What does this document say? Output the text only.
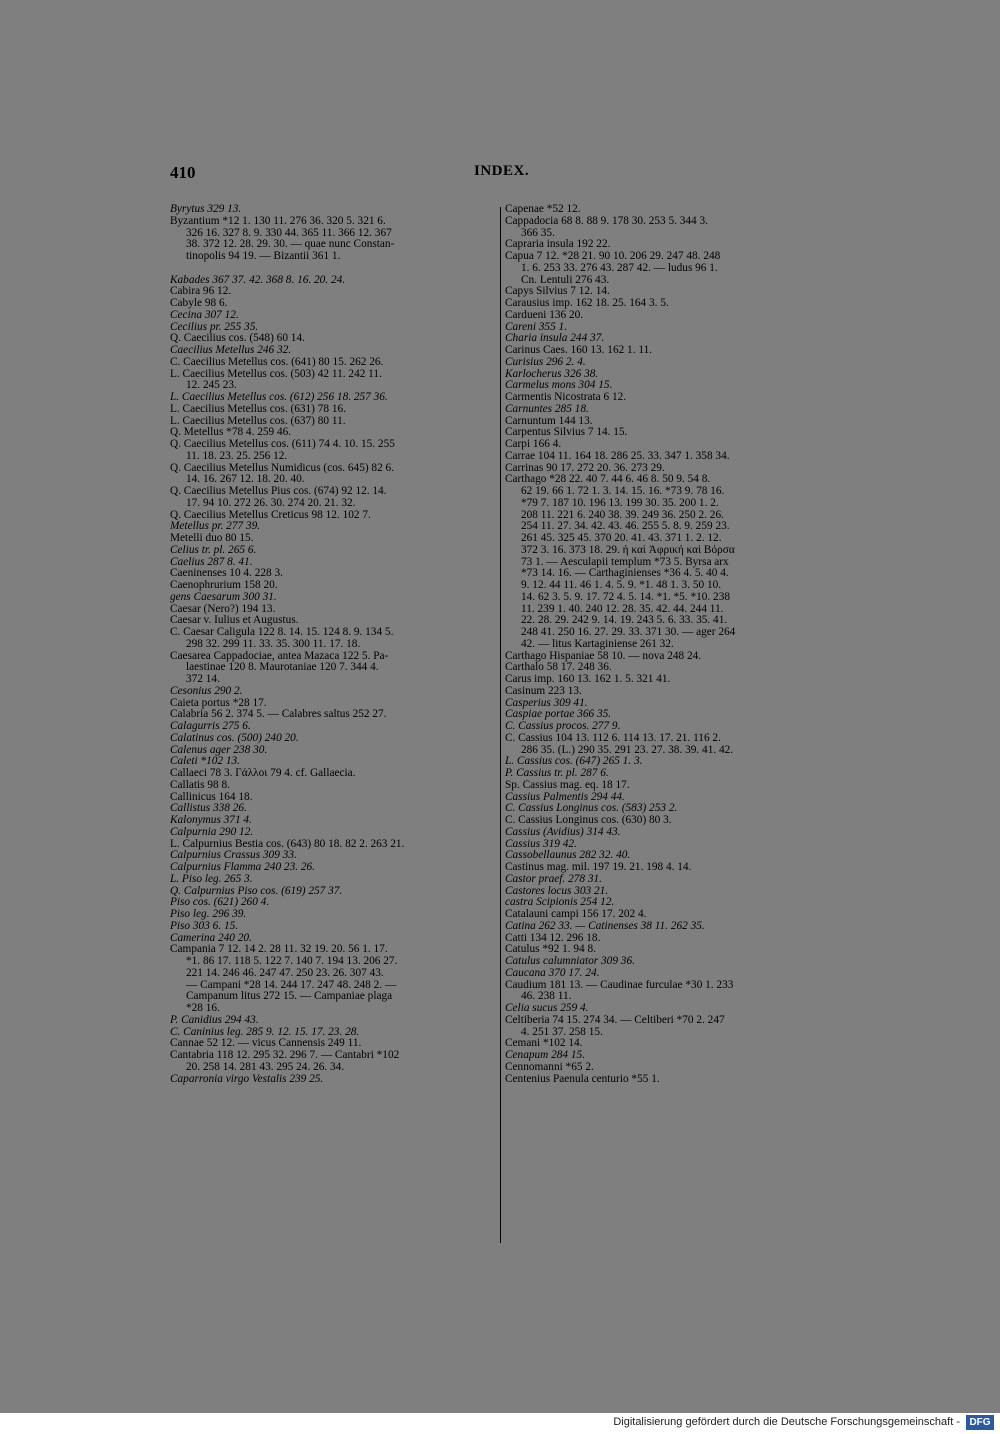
410	INDEX.
Byrytus 329 13.
Byzantium *12 1. 130 11. 276 36. 320 5. 321 6.
326 16. 327 8. 9. 330 44. 365 11. 366 12. 367
38. 372 12. 28. 29. 30. — quae nunc Constan-
tinopolis 94 19. — Bizantii 361 1.
Kabades 367 37. 42. 368 8. 16. 20. 24.
Cabira 96 12.
Cabyle 98 6.
Cecina 307 12.
Cecilius pr. 255 35.
Q. Caecilius cos. (548) 60 14.
Caecilius Metellus 246 32.
C. Caecilius Metellus cos. (641) 80 15. 262 26.
L. Caecilius Metellus cos. (503) 42 11. 242 11.
12. 245 23.
L. Caecilius Metellus cos. (612) 256 18. 257 36.
L. Caecilius Metellus cos. (631) 78 16.
L. Caecilius Metellus cos. (637) 80 11.
Q. Metellus *78 4. 259 46.
Q. Caecilius Metellus cos. (611) 74 4. 10. 15. 255
11. 18. 23. 25. 256 12.
Q. Caecilius Metellus Numidicus (cos. 645) 82 6.
14. 16. 267 12. 18. 20. 40.
Q. Caecilius Metellus Pius cos. (674) 92 12. 14.
17. 94 10. 272 26. 30. 274 20. 21. 32.
Q. Caecilius Metellus Creticus 98 12. 102 7.
Metellus pr. 277 39.
Metelli duo 80 15.
Celius tr. pl. 265 6.
Caelius 287 8. 41.
Caeninenses 10 4. 228 3.
Caenophrurium 158 20.
gens Caesarum 300 31.
Caesar (Nero?) 194 13.
Caesar v. Iulius et Augustus.
C. Caesar Caligula 122 8. 14. 15. 124 8. 9. 134 5.
298 32. 299 11. 33. 35. 300 11. 17. 18.
Caesarea Cappadociae, antea Mazaca 122 5. Pa-
laestinae 120 8. Maurotaniae 120 7. 344 4.
372 14.
Cesonius 290 2.
Caieta portus *28 17.
Calabria 56 2. 374 5. — Calabres saltus 252 27.
Calagurris 275 6.
Calatinus cos. (500) 240 20.
Calenus ager 238 30.
Caleti *102 13.
Callaeci 78 3. Γάλλοι 79 4. cf. Gallaecia.
Callatis 98 8.
Callinicus 164 18.
Callistus 338 26.
Kalonymus 371 4.
Calpurnia 290 12.
L. Calpurnius Bestia cos. (643) 80 18. 82 2. 263 21.
Calpurnius Crassus 309 33.
Calpurnius Flamma 240 23. 26.
L. Piso leg. 265 3.
Q. Calpurnius Piso cos. (619) 257 37.
Piso cos. (621) 260 4.
Piso leg. 296 39.
Piso 303 6. 15.
Camerina 240 20.
Campania 7 12. 14 2. 28 11. 32 19. 20. 56 1. 17.
*1. 86 17. 118 5. 122 7. 140 7. 194 13. 206 27.
221 14. 246 46. 247 47. 250 23. 26. 307 43.
— Campani *28 14. 244 17. 247 48. 248 2. —
Campanum litus 272 15. — Campaniae plaga
*28 16.
P. Canidius 294 43.
C. Caninius leg. 285 9. 12. 15. 17. 23. 28.
Cannae 52 12. — vicus Cannensis 249 11.
Cantabria 118 12. 295 32. 296 7. — Cantabri *102
20. 258 14. 281 43. 295 24. 26. 34.
Caparronia virgo Vestalis 239 25.
Capenae *52 12.
Cappadocia 68 8. 88 9. 178 30. 253 5. 344 3.
366 35.
Capraria insula 192 22.
Capua 7 12. *28 21. 90 10. 206 29. 247 48. 248
1. 6. 253 33. 276 43. 287 42. — ludus 96 1.
Cn. Lentuli 276 43.
Capys Silvius 7 12. 14.
Carausius imp. 162 18. 25. 164 3. 5.
Cardueni 136 20.
Careni 355 1.
Charia insula 244 37.
Carinus Caes. 160 13. 162 1. 11.
Curisius 296 2. 4.
Karlocherus 326 38.
Carmelus mons 304 15.
Carmentis Nicostrata 6 12.
Carnuntes 285 18.
Carnuntum 144 13.
Carpentus Silvius 7 14. 15.
Carpi 166 4.
Carrae 104 11. 164 18. 286 25. 33. 347 1. 358 34.
Carrinas 90 17. 272 20. 36. 273 29.
Carthago *28 22. 40 7. 44 6. 46 8. 50 9. 54 8.
62 19. 66 1. 72 1. 3. 14. 15. 16. *73 9. 78 16.
*79 7. 187 10. 196 13. 199 30. 35. 200 1. 2.
208 11. 221 6. 240 38. 39. 249 36. 250 2. 26.
254 11. 27. 34. 42. 43. 46. 255 5. 8. 9. 259 23.
261 45. 325 45. 370 20. 41. 43. 371 1. 2. 12.
372 3. 16. 373 18. 29. ἡ καὶ Ἀφρική καὶ Βόρσα
73 1. — Aesculapii templum *73 5. Byrsa arx
*73 14. 16. — Carthaginienses *36 4. 5. 40 4.
9. 12. 44 11. 46 1. 4. 5. 9. *1. 48 1. 3. 50 10.
14. 62 3. 5. 9. 17. 72 4. 5. 14. *1. *5. *10. 238
11. 239 1. 40. 240 12. 28. 35. 42. 44. 244 11.
22. 28. 29. 242 9. 14. 19. 243 5. 6. 33. 35. 41.
248 41. 250 16. 27. 29. 33. 371 30. — ager 264
42. — litus Kartaginiense 261 32.
Carthago Hispaniae 58 10. — nova 248 24.
Carthalo 58 17. 248 36.
Carus imp. 160 13. 162 1. 5. 321 41.
Casinum 223 13.
Casperius 309 41.
Caspiae portae 366 35.
C. Cassius procos. 277 9.
C. Cassius 104 13. 112 6. 114 13. 17. 21. 116 2.
286 35. (L.) 290 35. 291 23. 27. 38. 39. 41. 42.
L. Cassius cos. (647) 265 1. 3.
P. Cassius tr. pl. 287 6.
Sp. Cassius mag. eq. 18 17.
Cassius Palmentis 294 44.
C. Cassius Longinus cos. (583) 253 2.
C. Cassius Longinus cos. (630) 80 3.
Cassius (Avidius) 314 43.
Cassius 319 42.
Cassobellaunus 282 32. 40.
Castinus mag. mil. 197 19. 21. 198 4. 14.
Castor praef. 278 31.
Castores locus 303 21.
castra Scipionis 254 12.
Catalauni campi 156 17. 202 4.
Catina 262 33. — Catinenses 38 11. 262 35.
Catti 134 12. 296 18.
Catulus *92 1. 94 8.
Catulus calumniator 309 36.
Caucana 370 17. 24.
Caudium 181 13. — Caudinae furculae *30 1. 233
46. 238 11.
Celia sucus 259 4.
Celtiberia 74 15. 274 34. — Celtiberi *70 2. 247
4. 251 37. 258 15.
Cemani *102 14.
Cenapum 284 15.
Cennomanni *65 2.
Centenius Paenula centurio *55 1.
Digitalisierung gefördert durch die Deutsche Forschungsgemeinschaft - DFG
